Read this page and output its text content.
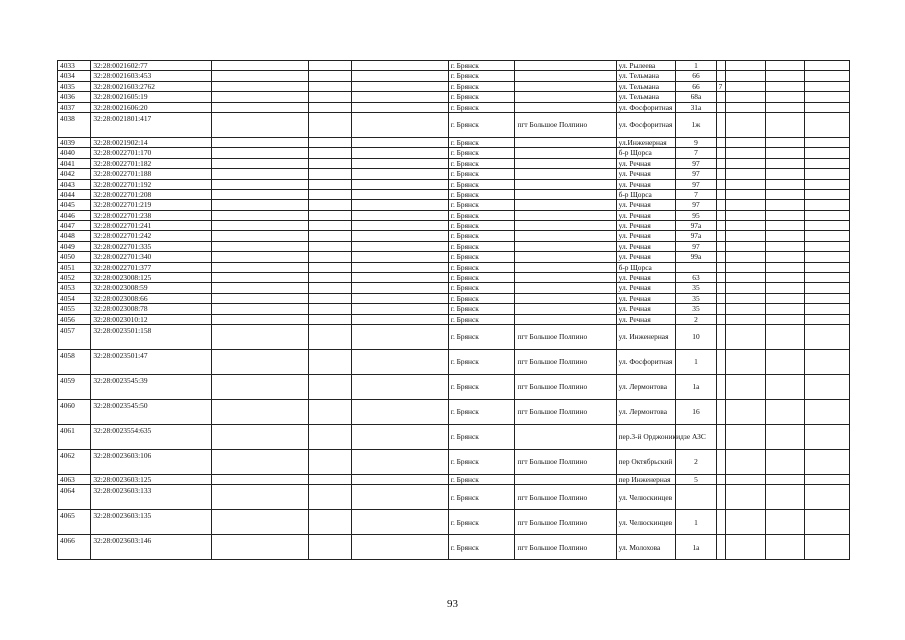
4033	32:28:0021602:77				г. Брянск		ул. Рылеева	1				
4034	32:28:0021603:453				г. Брянск		ул. Тельмана	66				
4035	32:28:0021603:2762				г. Брянск		ул. Тельмана	66	7			
4036	32:28:0021605:19				г. Брянск		ул. Тельмана	68а				
4037	32:28:0021606:20				г. Брянск		ул. Фосфоритная	31а				
4038	32:28:0021801:417				г. Брянск	пгт Большое Полпино	ул. Фосфоритная	1ж				
4039	32:28:0021902:14				г. Брянск		ул.Инженерная	9				
4040	32:28:0022701:170				г. Брянск		б-р Щорса	7				
4041	32:28:0022701:182				г. Брянск		ул. Речная	97				
4042	32:28:0022701:188				г. Брянск		ул. Речная	97				
4043	32:28:0022701:192				г. Брянск		ул. Речная	97				
4044	32:28:0022701:208				г. Брянск		б-р Щорса	7				
4045	32:28:0022701:219				г. Брянск		ул. Речная	97				
4046	32:28:0022701:238				г. Брянск		ул. Речная	95				
4047	32:28:0022701:241				г. Брянск		ул. Речная	97а				
4048	32:28:0022701:242				г. Брянск		ул. Речная	97а				
4049	32:28:0022701:335				г. Брянск		ул. Речная	97				
4050	32:28:0022701:340				г. Брянск		ул. Речная	99а				
4051	32:28:0022701:377				г. Брянск		б-р Щорса					
4052	32:28:0023008:125				г. Брянск		ул. Речная	63				
4053	32:28:0023008:59				г. Брянск		ул. Речная	35				
4054	32:28:0023008:66				г. Брянск		ул. Речная	35				
4055	32:28:0023008:78				г. Брянск		ул. Речная	35				
4056	32:28:0023010:12				г. Брянск		ул. Речная	2				
4057	32:28:0023501:158				г. Брянск	пгт Большое Полпино	ул. Инженерная	10				
4058	32:28:0023501:47				г. Брянск	пгт Большое Полпино	ул. Фосфоритная	1				
4059	32:28:0023545:39				г. Брянск	пгт Большое Полпино	ул. Лермонтова	1а				
4060	32:28:0023545:50				г. Брянск	пгт Большое Полпино	ул. Лермонтова	16				
4061	32:28:0023554:635				г. Брянск		пер.3-й Орджоникидзе АЗС					
4062	32:28:0023603:106				г. Брянск	пгт Большое Полпино	пер Октябрьский	2				
4063	32:28:0023603:125				г. Брянск		пер Инженерная	5				
4064	32:28:0023603:133				г. Брянск	пгт Большое Полпино	ул. Челюскинцев					
4065	32:28:0023603:135				г. Брянск	пгт Большое Полпино	ул. Челюскинцев	1				
4066	32:28:0023603:146				г. Брянск	пгт Большое Полпино	ул. Молохова	1а				
93
